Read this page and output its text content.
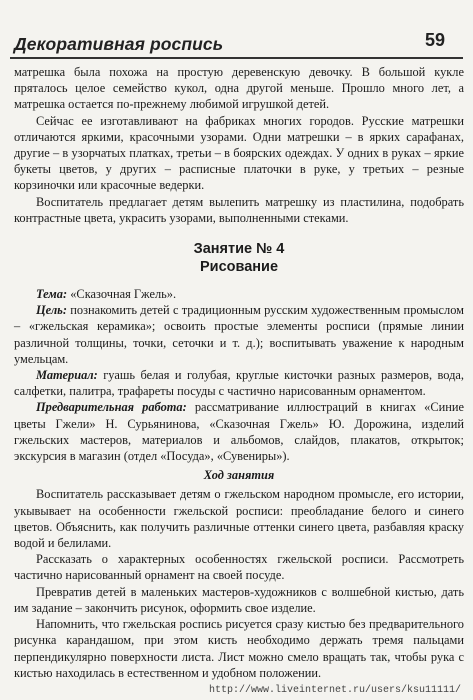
Декоративная роспись	59

матрешка была похожа на простую деревенскую девочку. В большой кукле пряталось целое семейство кукол, одна другой меньше. Прошло много лет, а матрешка остается по-прежнему любимой игрушкой детей.

Сейчас ее изготавливают на фабриках многих городов. Русские матрешки отличаются яркими, красочными узорами. Одни матрешки – в ярких сарафанах, другие – в узорчатых платках, третьи – в боярских одеждах. У одних в руках – яркие букеты цветов, у других – расписные платочки в руке, у третьих – резные корзиночки или красочные ведерки.

Воспитатель предлагает детям вылепить матрешку из пластилина, подобрать контрастные цвета, украсить узорами, выполненными стеками.

Занятие № 4
Рисование

Тема: «Сказочная Гжель».

Цель: познакомить детей с традиционным русским художественным промыслом – «гжельская керамика»; освоить простые элементы росписи (прямые линии различной толщины, точки, сеточки и т. д.); воспитывать уважение к народным умельцам.

Материал: гуашь белая и голубая, круглые кисточки разных размеров, вода, салфетки, палитра, трафареты посуды с частично нарисованным орнаментом.

Предварительная работа: рассматривание иллюстраций в книгах «Синие цветы Гжели» Н. Сурьянинова, «Сказочная Гжель» Ю. Дорожина, изделий гжельских мастеров, материалов и альбомов, слайдов, плакатов, открыток; экскурсия в магазин (отдел «Посуда», «Сувениры»).

Ход занятия

Воспитатель рассказывает детям о гжельском народном промысле, его истории, укывывает на особенности гжельской росписи: преобладание белого и синего цветов. Объяснить, как получить различные оттенки синего цвета, разбавляя краску водой и белилами.

Рассказать о характерных особенностях гжельской росписи. Рассмотреть частично нарисованный орнамент на своей посуде.

Превратив детей в маленьких мастеров-художников с волшебной кистью, дать им задание – закончить рисунок, оформить свое изделие.

Напомнить, что гжельская роспись рисуется сразу кистью без предварительного рисунка карандашом, при этом кисть необходимо держать тремя пальцами перпендикулярно поверхности листа. Лист можно смело вращать так, чтобы рука с кистью находилась в естественном и удобном положении.

http://www.liveinternet.ru/users/ksu11111/
